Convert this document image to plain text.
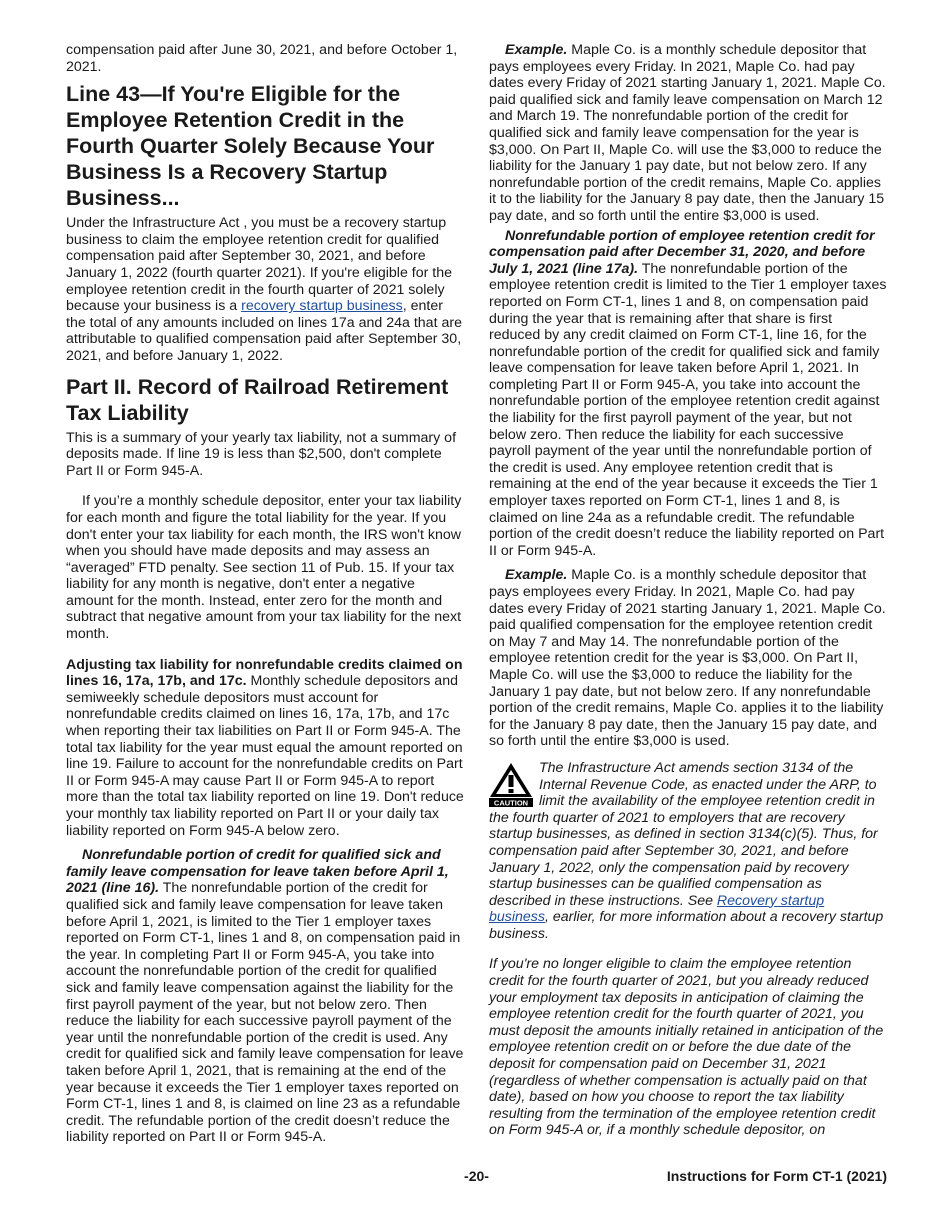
compensation paid after June 30, 2021, and before October 1, 2021.

Line 43—If You're Eligible for the Employee Retention Credit in the Fourth Quarter Solely Because Your Business Is a Recovery Startup Business...

Under the Infrastructure Act , you must be a recovery startup business to claim the employee retention credit for qualified compensation paid after September 30, 2021, and before January 1, 2022 (fourth quarter 2021). If you're eligible for the employee retention credit in the fourth quarter of 2021 solely because your business is a recovery startup business, enter the total of any amounts included on lines 17a and 24a that are attributable to qualified compensation paid after September 30, 2021, and before January 1, 2022.

Part II. Record of Railroad Retirement Tax Liability

This is a summary of your yearly tax liability, not a summary of deposits made. If line 19 is less than $2,500, don't complete Part II or Form 945-A.

If you’re a monthly schedule depositor, enter your tax liability for each month and figure the total liability for the year. If you don't enter your tax liability for each month, the IRS won't know when you should have made deposits and may assess an “averaged” FTD penalty. See section 11 of Pub. 15. If your tax liability for any month is negative, don't enter a negative amount for the month. Instead, enter zero for the month and subtract that negative amount from your tax liability for the next month.

Adjusting tax liability for nonrefundable credits claimed on lines 16, 17a, 17b, and 17c. Monthly schedule depositors and semiweekly schedule depositors must account for nonrefundable credits claimed on lines 16, 17a, 17b, and 17c when reporting their tax liabilities on Part II or Form 945-A. The total tax liability for the year must equal the amount reported on line 19. Failure to account for the nonrefundable credits on Part II or Form 945-A may cause Part II or Form 945-A to report more than the total tax liability reported on line 19. Don't reduce your monthly tax liability reported on Part II or your daily tax liability reported on Form 945-A below zero.

Nonrefundable portion of credit for qualified sick and family leave compensation for leave taken before April 1, 2021 (line 16). The nonrefundable portion of the credit for qualified sick and family leave compensation for leave taken before April 1, 2021, is limited to the Tier 1 employer taxes reported on Form CT-1, lines 1 and 8, on compensation paid in the year. In completing Part II or Form 945-A, you take into account the nonrefundable portion of the credit for qualified sick and family leave compensation against the liability for the first payroll payment of the year, but not below zero. Then reduce the liability for each successive payroll payment of the year until the nonrefundable portion of the credit is used. Any credit for qualified sick and family leave compensation for leave taken before April 1, 2021, that is remaining at the end of the year because it exceeds the Tier 1 employer taxes reported on Form CT-1, lines 1 and 8, is claimed on line 23 as a refundable credit. The refundable portion of the credit doesn’t reduce the liability reported on Part II or Form 945-A.

Example. Maple Co. is a monthly schedule depositor that pays employees every Friday. In 2021, Maple Co. had pay dates every Friday of 2021 starting January 1, 2021. Maple Co. paid qualified sick and family leave compensation on March 12 and March 19. The nonrefundable portion of the credit for qualified sick and family leave compensation for the year is $3,000. On Part II, Maple Co. will use the $3,000 to reduce the liability for the January 1 pay date, but not below zero. If any nonrefundable portion of the credit remains, Maple Co. applies it to the liability for the January 8 pay date, then the January 15 pay date, and so forth until the entire $3,000 is used.

Nonrefundable portion of employee retention credit for compensation paid after December 31, 2020, and before July 1, 2021 (line 17a). The nonrefundable portion of the employee retention credit is limited to the Tier 1 employer taxes reported on Form CT-1, lines 1 and 8, on compensation paid during the year that is remaining after that share is first reduced by any credit claimed on Form CT-1, line 16, for the nonrefundable portion of the credit for qualified sick and family leave compensation for leave taken before April 1, 2021. In completing Part II or Form 945-A, you take into account the nonrefundable portion of the employee retention credit against the liability for the first payroll payment of the year, but not below zero. Then reduce the liability for each successive payroll payment of the year until the nonrefundable portion of the credit is used. Any employee retention credit that is remaining at the end of the year because it exceeds the Tier 1 employer taxes reported on Form CT-1, lines 1 and 8, is claimed on line 24a as a refundable credit. The refundable portion of the credit doesn’t reduce the liability reported on Part II or Form 945-A.

Example. Maple Co. is a monthly schedule depositor that pays employees every Friday. In 2021, Maple Co. had pay dates every Friday of 2021 starting January 1, 2021. Maple Co. paid qualified compensation for the employee retention credit on May 7 and May 14. The nonrefundable portion of the employee retention credit for the year is $3,000. On Part II, Maple Co. will use the $3,000 to reduce the liability for the January 1 pay date, but not below zero. If any nonrefundable portion of the credit remains, Maple Co. applies it to the liability for the January 8 pay date, then the January 15 pay date, and so forth until the entire $3,000 is used.

CAUTION

The Infrastructure Act amends section 3134 of the Internal Revenue Code, as enacted under the ARP, to limit the availability of the employee retention credit in the fourth quarter of 2021 to employers that are recovery startup businesses, as defined in section 3134(c)(5). Thus, for compensation paid after September 30, 2021, and before January 1, 2022, only the compensation paid by recovery startup businesses can be qualified compensation as described in these instructions. See Recovery startup business, earlier, for more information about a recovery startup business.

If you're no longer eligible to claim the employee retention credit for the fourth quarter of 2021, but you already reduced your employment tax deposits in anticipation of claiming the employee retention credit for the fourth quarter of 2021, you must deposit the amounts initially retained in anticipation of the employee retention credit on or before the due date of the deposit for compensation paid on December 31, 2021 (regardless of whether compensation is actually paid on that date), based on how you choose to report the tax liability resulting from the termination of the employee retention credit on Form 945-A or, if a monthly schedule depositor, on

-20-	Instructions for Form CT-1 (2021)
